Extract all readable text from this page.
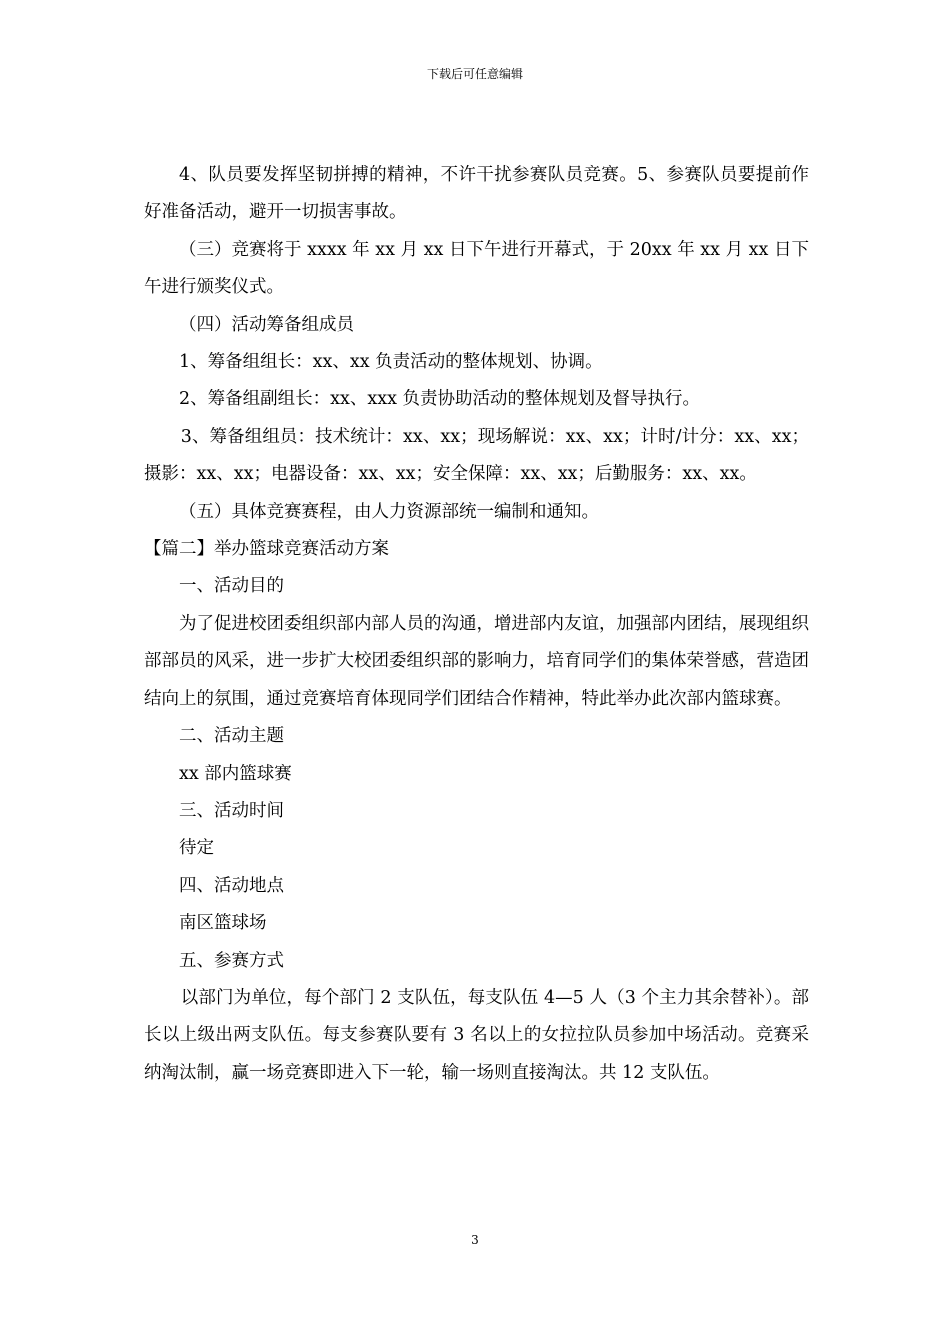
下载后可任意编辑

4、队员要发挥坚韧拼搏的精神，不许干扰参赛队员竞赛。5、参赛队员要提前作好准备活动，避开一切损害事故。

（三）竞赛将于 xxxx 年 xx 月 xx 日下午进行开幕式，于 20xx 年 xx 月 xx 日下午进行颁奖仪式。

（四）活动筹备组成员

1、筹备组组长：xx、xx 负责活动的整体规划、协调。

2、筹备组副组长：xx、xxx 负责协助活动的整体规划及督导执行。

3、筹备组组员：技术统计：xx、xx；现场解说：xx、xx；计时/计分：xx、xx；摄影：xx、xx；电器设备：xx、xx；安全保障：xx、xx；后勤服务：xx、xx。

（五）具体竞赛赛程，由人力资源部统一编制和通知。

【篇二】举办篮球竞赛活动方案

一、活动目的

为了促进校团委组织部内部人员的沟通，增进部内友谊，加强部内团结，展现组织部部员的风采，进一步扩大校团委组织部的影响力，培育同学们的集体荣誉感，营造团结向上的氛围，通过竞赛培育体现同学们团结合作精神，特此举办此次部内篮球赛。

二、活动主题

xx 部内篮球赛

三、活动时间

待定

四、活动地点

南区篮球场

五、参赛方式

以部门为单位，每个部门 2 支队伍，每支队伍 4—5 人（3 个主力其余替补）。部长以上级出两支队伍。每支参赛队要有 3 名以上的女拉拉队员参加中场活动。竞赛采纳淘汰制，赢一场竞赛即进入下一轮，输一场则直接淘汰。共 12 支队伍。

3
